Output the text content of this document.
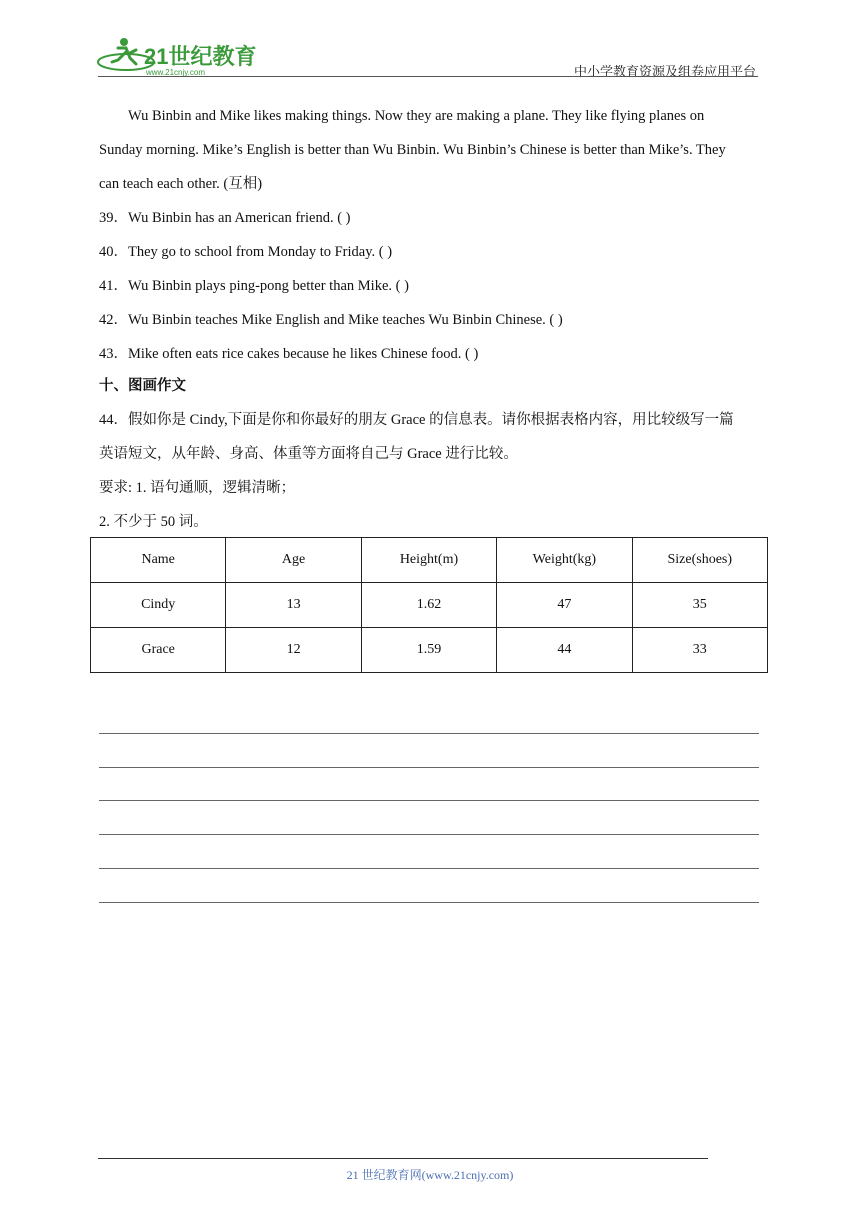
21世纪教育
www.21cnjy.com	中小学教育资源及组卷应用平台
Wu Binbin and Mike likes making things. Now they are making a plane. They like flying planes on
Sunday morning. Mike’s English is better than Wu Binbin. Wu Binbin’s Chinese is better than Mike’s. They
can teach each other. (互相)
39．Wu Binbin has an American friend. ( )
40．They go to school from Monday to Friday. ( )
41．Wu Binbin plays ping-pong better than Mike. ( )
42．Wu Binbin teaches Mike English and Mike teaches Wu Binbin Chinese. ( )
43．Mike often eats rice cakes because he likes Chinese food. ( )
十、图画作文
44．假如你是 Cindy,下面是你和你最好的朋友 Grace 的信息表。请你根据表格内容，用比较级写一篇
英语短文，从年龄、身高、体重等方面将自己与 Grace 进行比较。
要求: 1. 语句通顺，逻辑清晰；
2. 不少于 50 词。
Name	Age	Height(m)	Weight(kg)	Size(shoes)
Cindy	13	1.62	47	35
Grace	12	1.59	44	33
21 世纪教育网(www.21cnjy.com)
